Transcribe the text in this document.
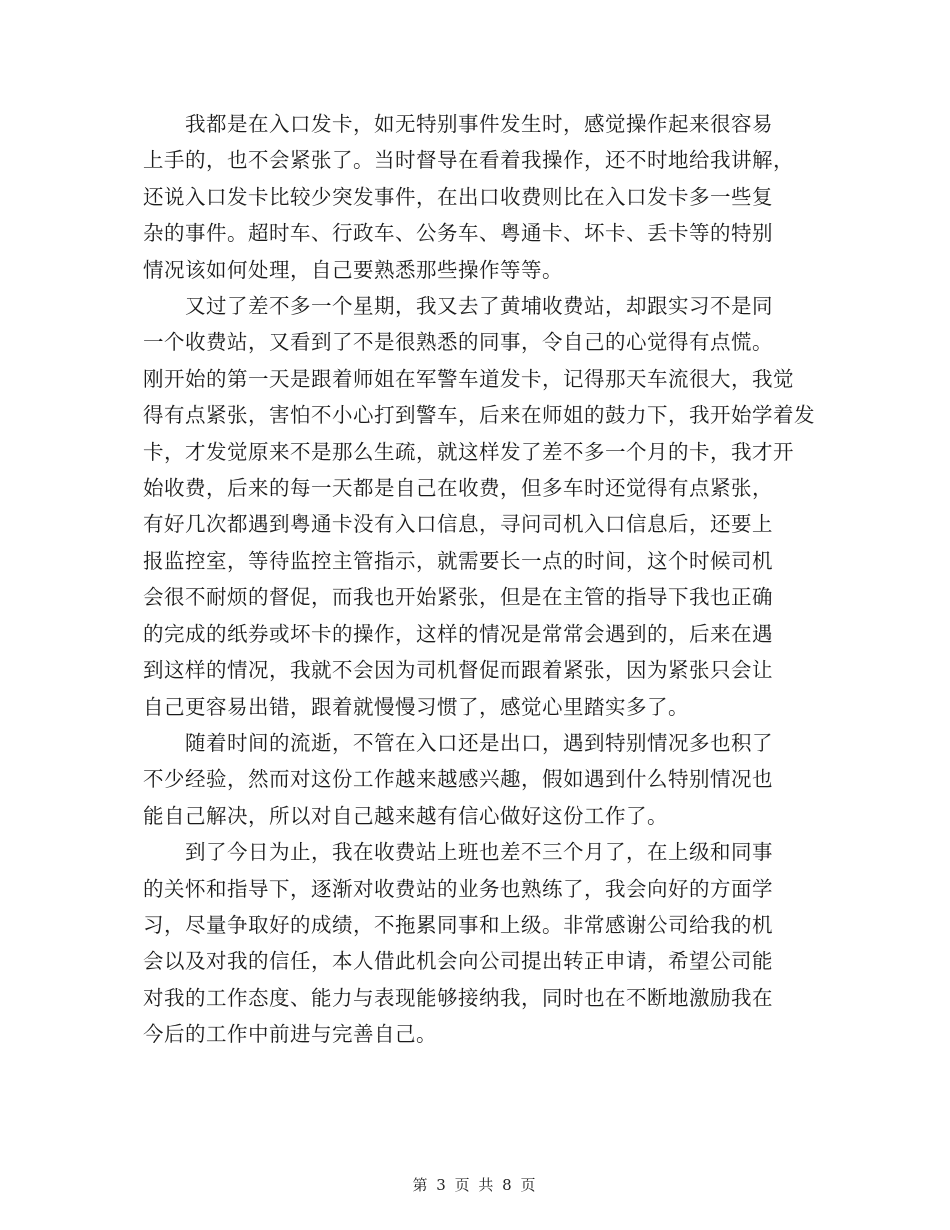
　　我都是在入口发卡，如无特别事件发生时，感觉操作起来很容易

上手的，也不会紧张了。当时督导在看着我操作，还不时地给我讲解，

还说入口发卡比较少突发事件，在出口收费则比在入口发卡多一些复

杂的事件。超时车、行政车、公务车、粤通卡、坏卡、丢卡等的特别

情况该如何处理，自己要熟悉那些操作等等。

　　又过了差不多一个星期，我又去了黄埔收费站，却跟实习不是同

一个收费站，又看到了不是很熟悉的同事，令自己的心觉得有点慌。

刚开始的第一天是跟着师姐在军警车道发卡，记得那天车流很大，我觉

得有点紧张，害怕不小心打到警车，后来在师姐的鼓力下，我开始学着发

卡，才发觉原来不是那么生疏，就这样发了差不多一个月的卡，我才开

始收费，后来的每一天都是自己在收费，但多车时还觉得有点紧张，

有好几次都遇到粤通卡没有入口信息，寻问司机入口信息后，还要上

报监控室，等待监控主管指示，就需要长一点的时间，这个时候司机

会很不耐烦的督促，而我也开始紧张，但是在主管的指导下我也正确

的完成的纸券或坏卡的操作，这样的情况是常常会遇到的，后来在遇

到这样的情况，我就不会因为司机督促而跟着紧张，因为紧张只会让

自己更容易出错，跟着就慢慢习惯了，感觉心里踏实多了。

　　随着时间的流逝，不管在入口还是出口，遇到特别情况多也积了

不少经验，然而对这份工作越来越感兴趣，假如遇到什么特别情况也

能自己解决，所以对自己越来越有信心做好这份工作了。

　　到了今日为止，我在收费站上班也差不三个月了，在上级和同事

的关怀和指导下，逐渐对收费站的业务也熟练了，我会向好的方面学

习，尽量争取好的成绩，不拖累同事和上级。非常感谢公司给我的机

会以及对我的信任，本人借此机会向公司提出转正申请，希望公司能

对我的工作态度、能力与表现能够接纳我，同时也在不断地激励我在

今后的工作中前进与完善自己。

第 3 页 共 8 页
